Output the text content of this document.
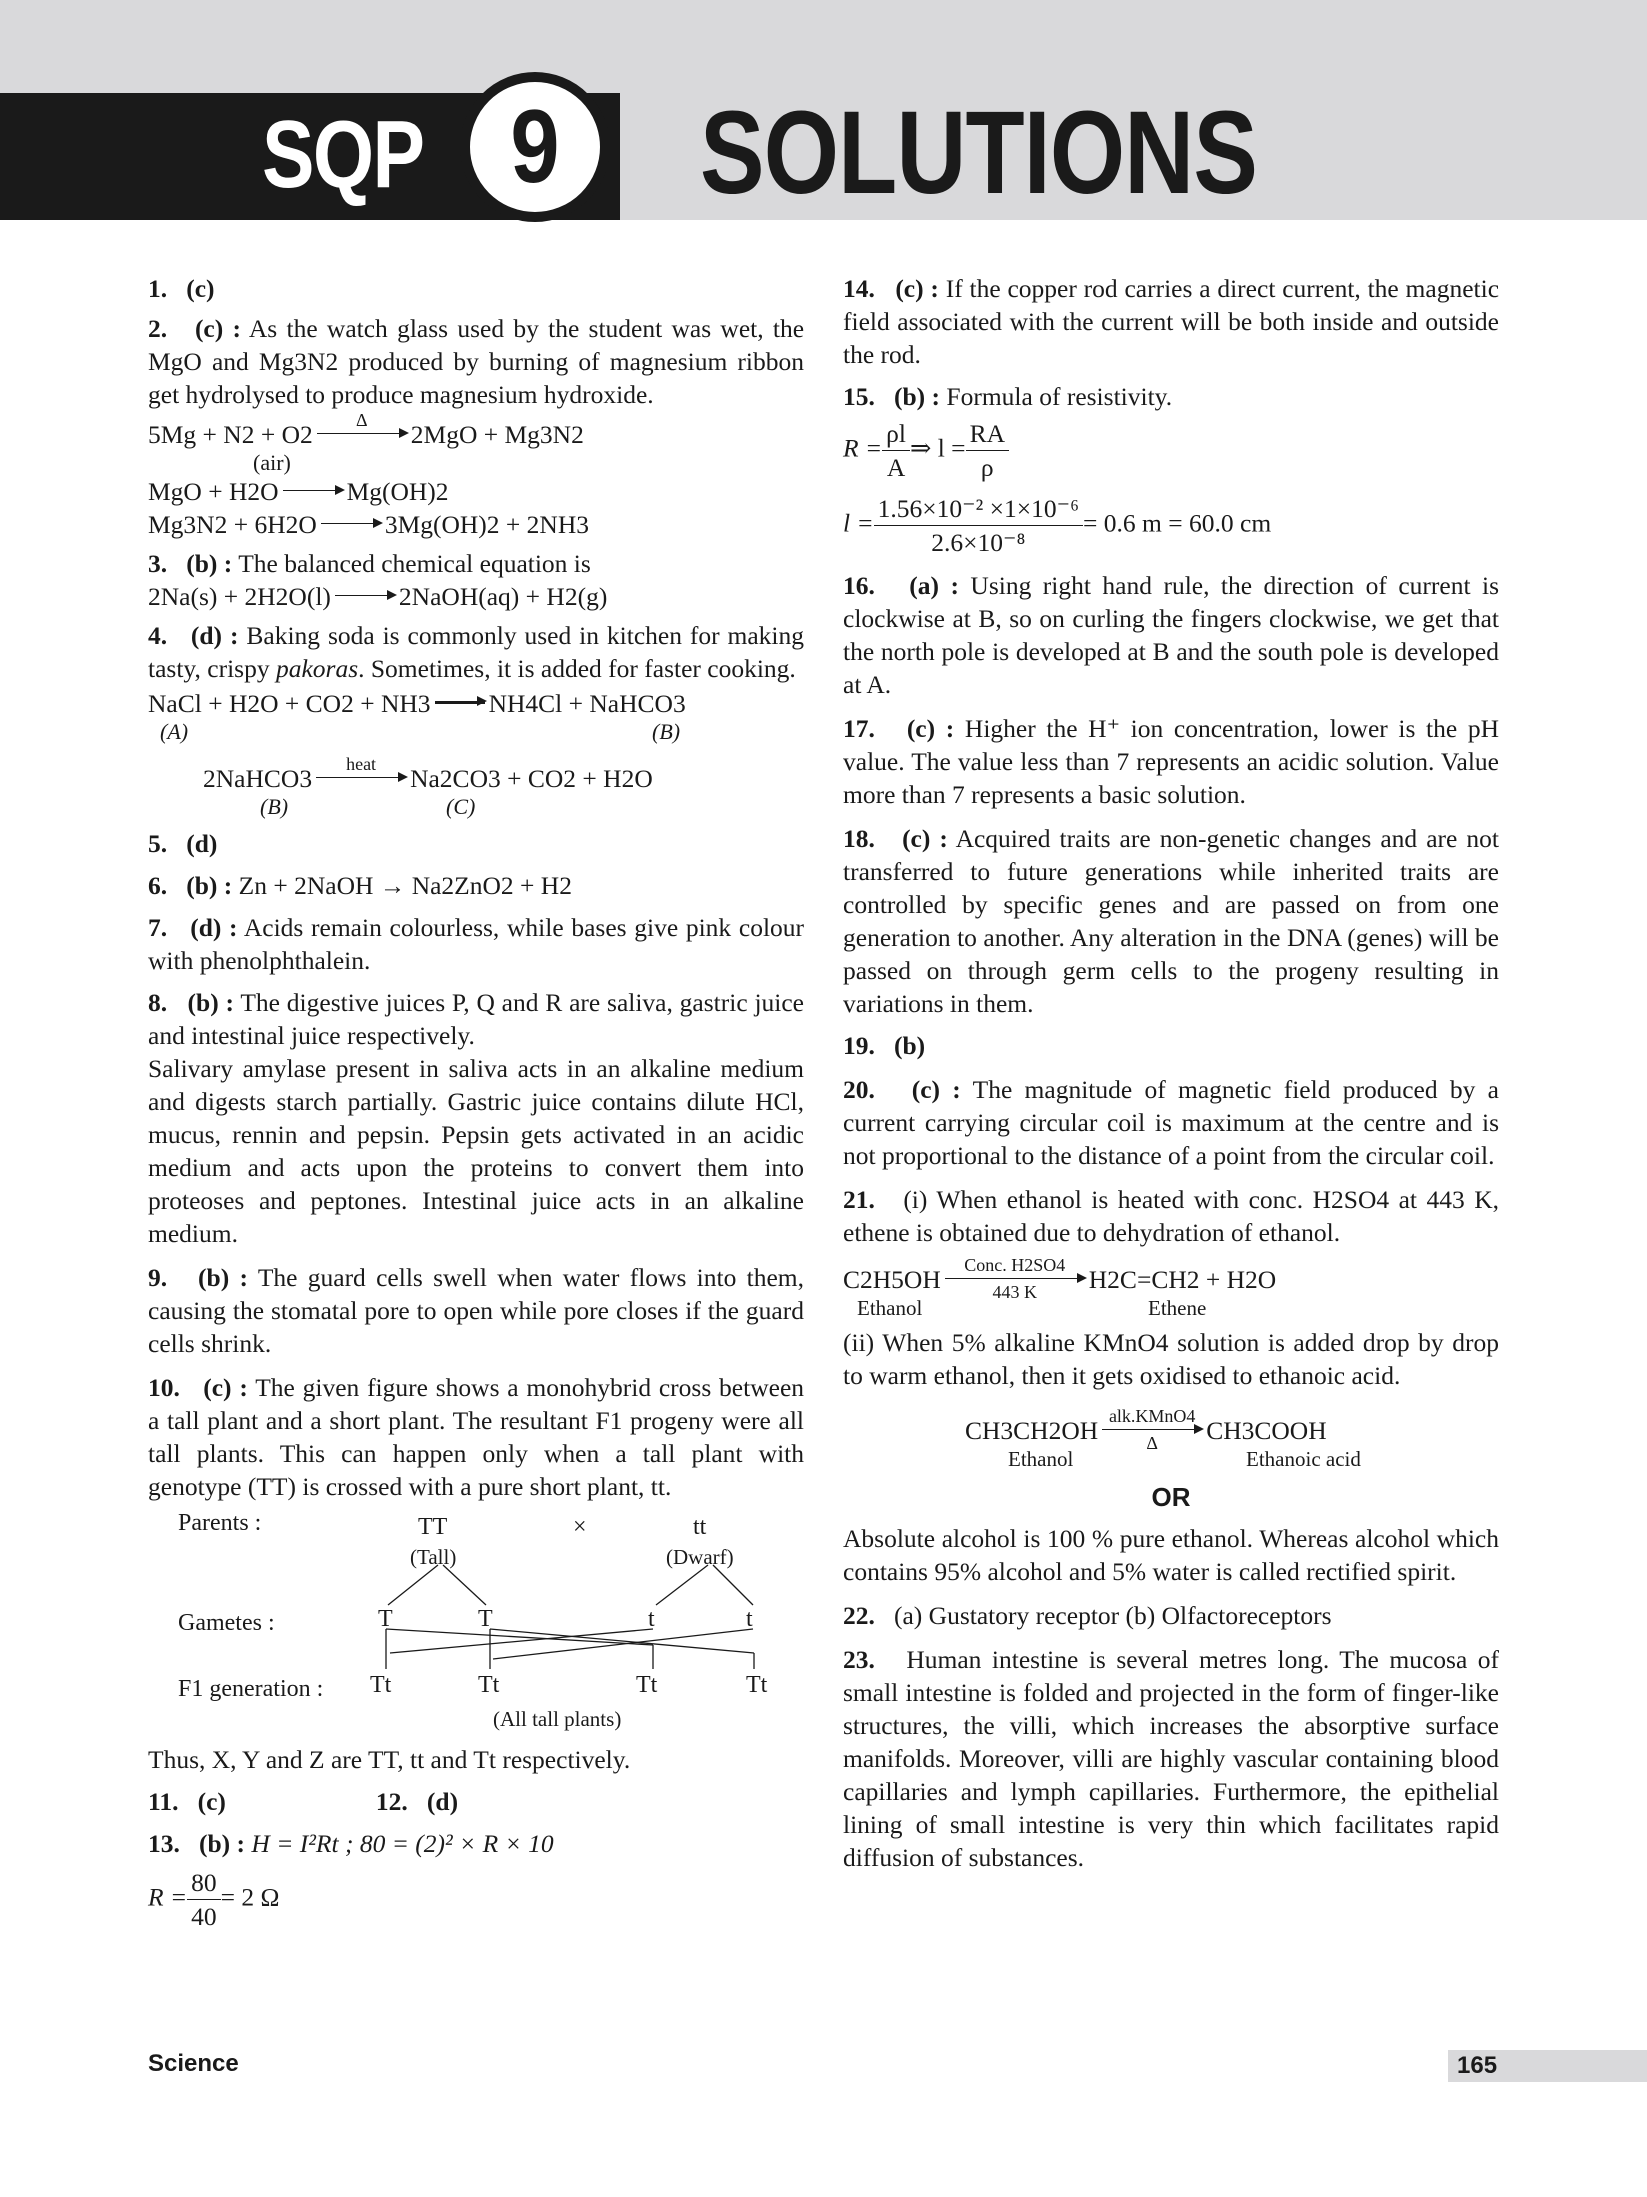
SQP 9 SOLUTIONS

1. (c)

2. (c) : As the watch glass used by the student was wet, the MgO and Mg3N2 produced by burning of magnesium ribbon get hydrolysed to produce magnesium hydroxide.

5Mg + N2 + O2
Δ
2MgO + Mg3N2
(air)
MgO + H2O	Mg(OH)2
Mg3N2 + 6H2O	3Mg(OH)2 + 2NH3

3. (b) : The balanced chemical equation is

2Na(s) + 2H2O(l)	2NaOH(aq) + H2(g)

4. (d) : Baking soda is commonly used in kitchen for making tasty, crispy pakoras. Sometimes, it is added for faster cooking.

NaCl + H2O + CO2 + NH3 NH4Cl + NaHCO3
(A)	(B)
2NaHCO3
heat
Na2CO3 + CO2 + H2O
(B)	(C)

5. (d)

6. (b) : Zn + 2NaOH → Na2ZnO2 + H2

7. (d) : Acids remain colourless, while bases give pink colour with phenolphthalein.

8. (b) : The digestive juices P, Q and R are saliva, gastric juice and intestinal juice respectively.

Salivary amylase present in saliva acts in an alkaline medium and digests starch partially. Gastric juice contains dilute HCl, mucus, rennin and pepsin. Pepsin gets activated in an acidic medium and acts upon the proteins to convert them into proteoses and peptones. Intestinal juice acts in an alkaline medium.

9. (b) : The guard cells swell when water flows into them, causing the stomatal pore to open while pore closes if the guard cells shrink.

10. (c) : The given figure shows a monohybrid cross between a tall plant and a short plant. The resultant F1 progeny were all tall plants. This can happen only when a tall plant with genotype (TT) is crossed with a pure short plant, tt.

Parents :	TT	×	tt
(Tall)	(Dwarf)
Gametes :	T	T	t	t
F1 generation : Tt	Tt	Tt	Tt
(All tall plants)

Thus, X, Y and Z are TT, tt and Tt respectively.

11. (c)	12. (d)

13. (b) : H = I²Rt ; 80 = (2)² × R × 10

$R = \frac{80}{40} = 2$ Ω

14. (c) : If the copper rod carries a direct current, the magnetic field associated with the current will be both inside and outside the rod.

15. (b) : Formula of resistivity.

$R = \frac{\rho l}{A}$ ⇒ $l = \frac{RA}{\rho}$
$l = \frac{\text{1.56×10⁻² ×1×10⁻⁶}}{\text{2.6×10⁻⁸}} = 0.6$ m = 60.0 cm

16. (a) : Using right hand rule, the direction of current is clockwise at B, so on curling the fingers clockwise, we get that the north pole is developed at B and the south pole is developed at A.

17. (c) : Higher the H⁺ ion concentration, lower is the pH value. The value less than 7 represents an acidic solution. Value more than 7 represents a basic solution.

18. (c) : Acquired traits are non-genetic changes and are not transferred to future generations while inherited traits are controlled by specific genes and are passed on from one generation to another. Any alteration in the DNA (genes) will be passed on through germ cells to the progeny resulting in variations in them.

19. (b)

20. (c) : The magnitude of magnetic field produced by a current carrying circular coil is maximum at the centre and is not proportional to the distance of a point from the circular coil.

21. (i) When ethanol is heated with conc. H2SO4 at 443 K, ethene is obtained due to dehydration of ethanol.

C2H5OH
Conc. H2SO4
443 K	H2C=CH2 + H2O
Ethanol	Ethene

(ii) When 5% alkaline KMnO4 solution is added drop by drop to warm ethanol, then it gets oxidised to ethanoic acid.

CH3CH2OH
alk.KMnO4
Δ	CH3COOH
Ethanol	Ethanoic acid
OR

Absolute alcohol is 100 % pure ethanol. Whereas alcohol which contains 95% alcohol and 5% water is called rectified spirit.

22. (a) Gustatory receptor (b) Olfactoreceptors

23. Human intestine is several metres long. The mucosa of small intestine is folded and projected in the form of finger-like structures, the villi, which increases the absorptive surface manifolds. Moreover, villi are highly vascular containing blood capillaries and lymph capillaries. Furthermore, the epithelial lining of small intestine is very thin which facilitates rapid diffusion of substances.

Science	165
